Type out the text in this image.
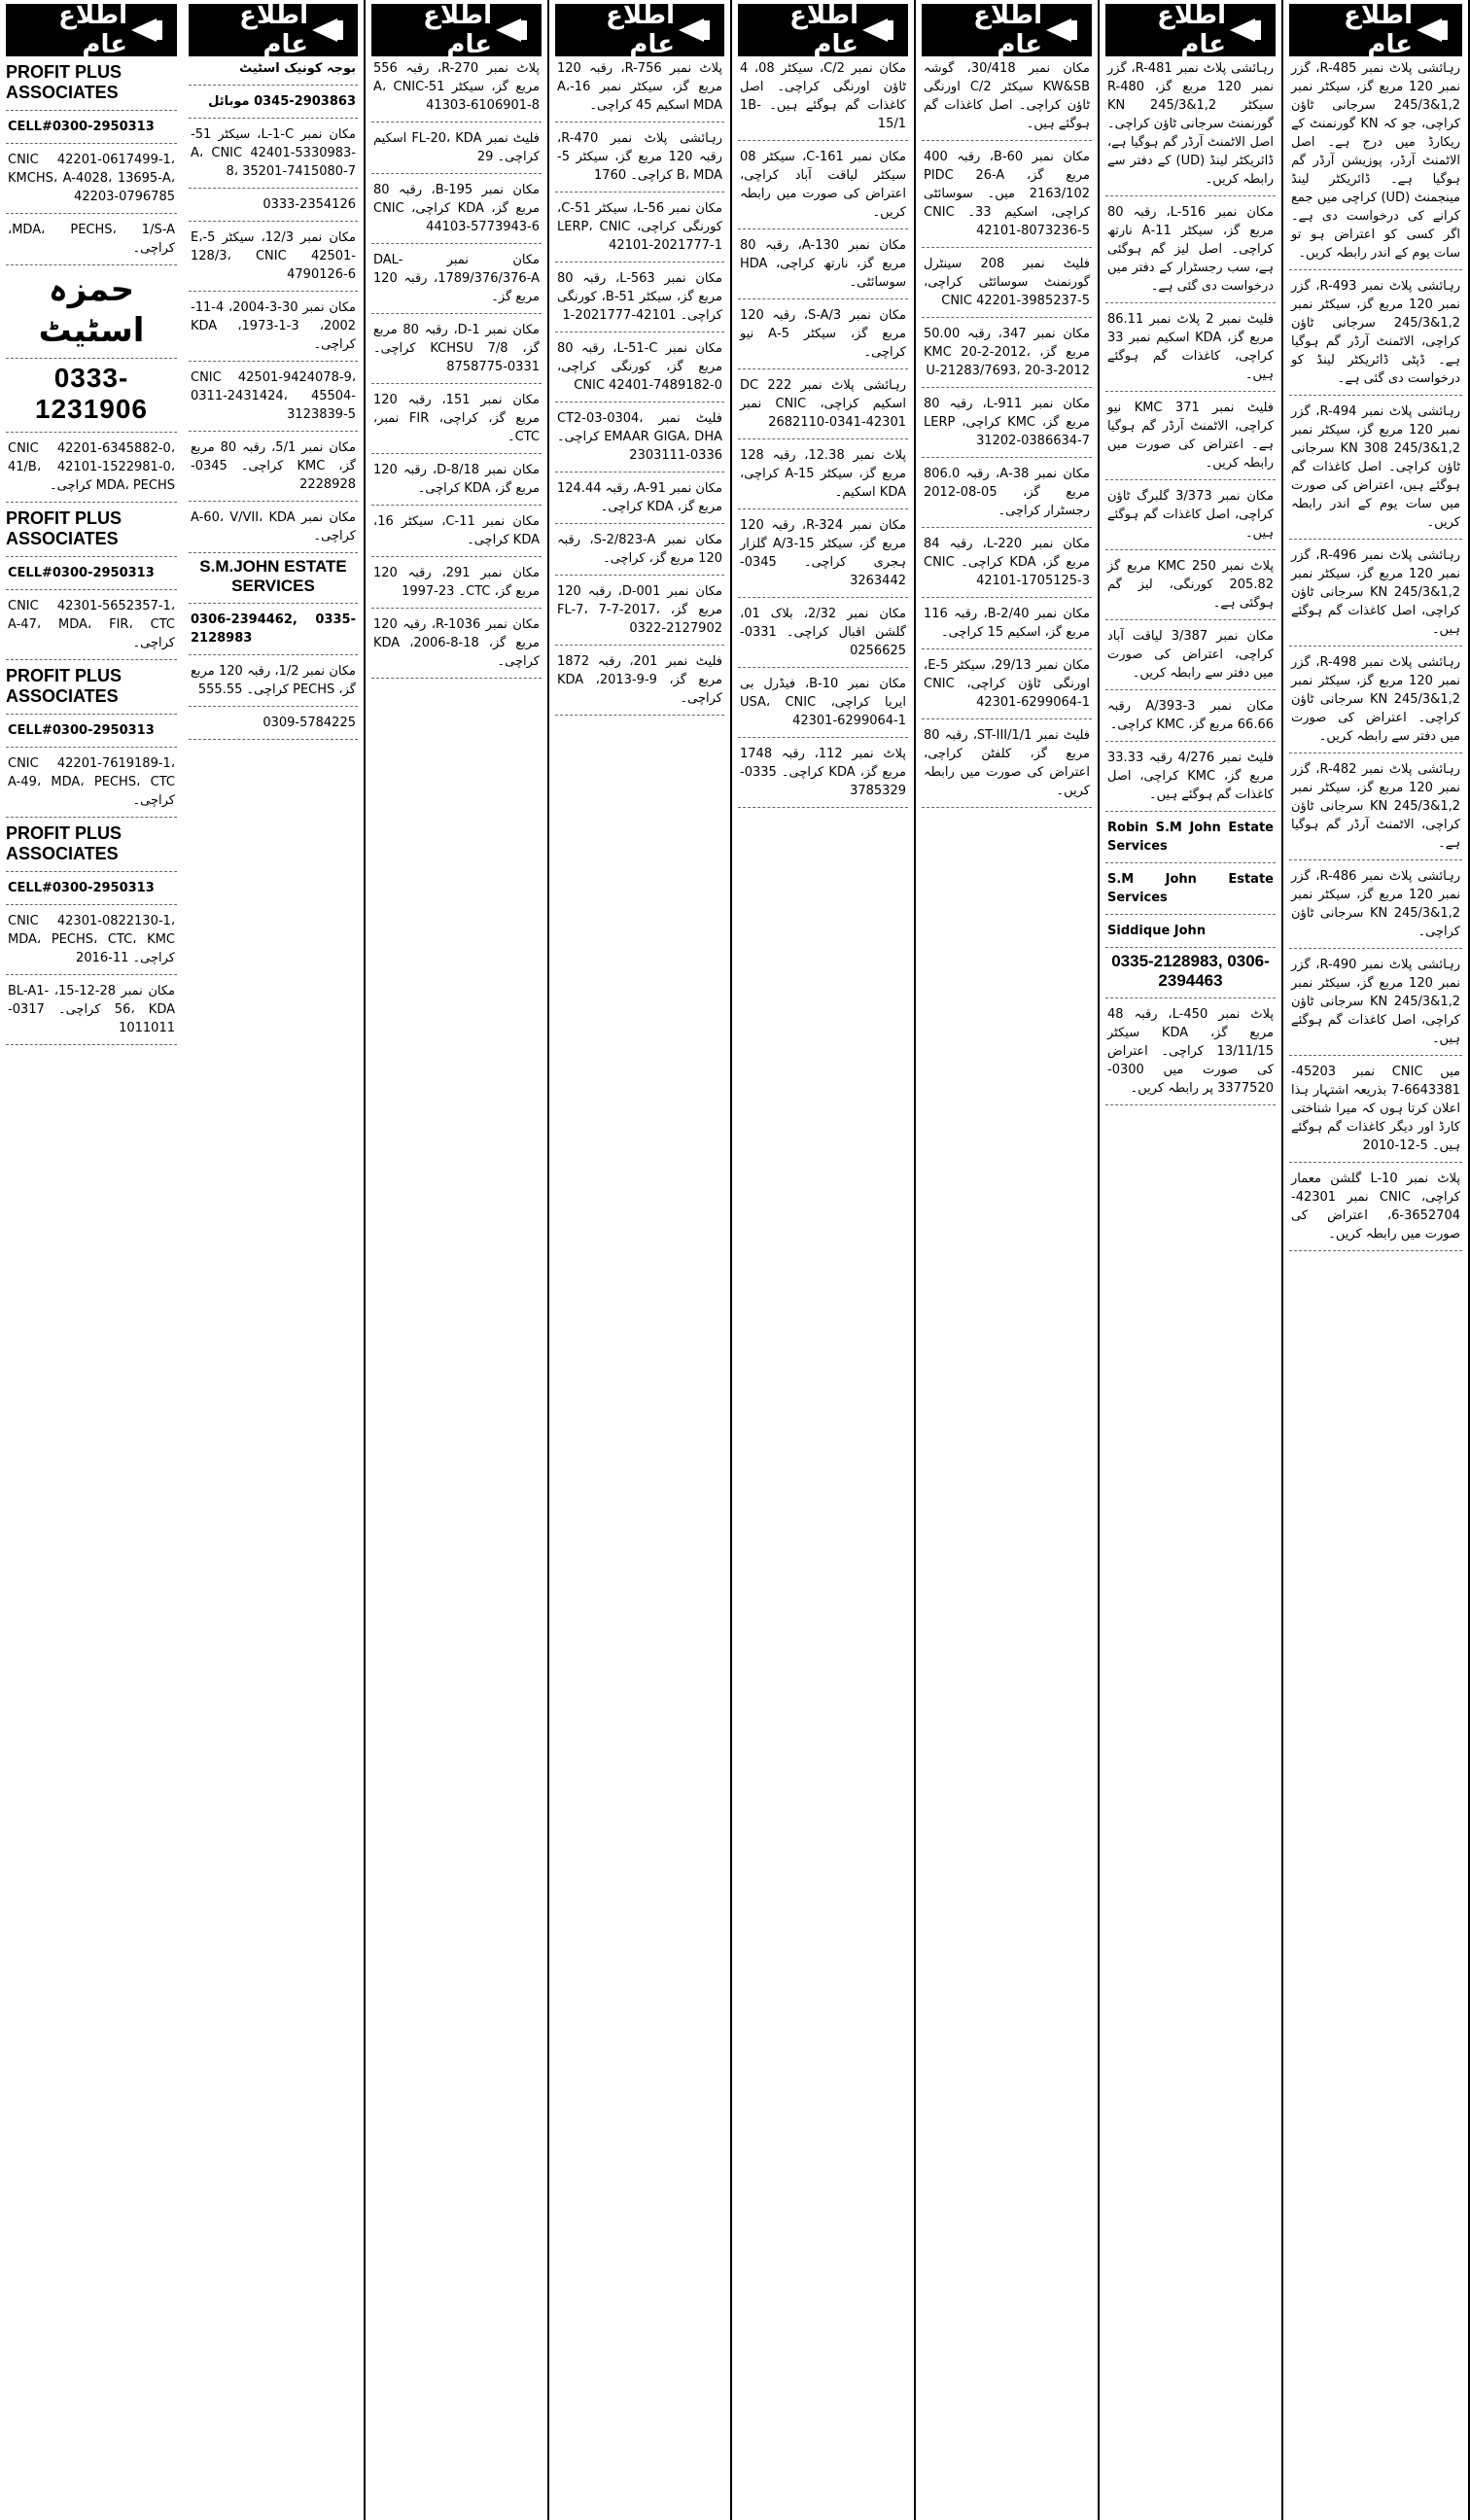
اطلاع عام
رہائشی پلاٹ نمبر R-485، گزر نمبر 120 مربع گز، سیکٹر نمبر 1,2&245/3 سرجانی ٹاؤن کراچی، جو کہ KN گورنمنٹ کے ریکارڈ میں درج ہے۔ اصل الاٹمنٹ آرڈر، پوزیشن آرڈر گم ہوگیا ہے۔ ڈائریکٹر لینڈ مینجمنٹ (UD) کراچی میں جمع کرانے کی درخواست دی ہے۔ اگر کسی کو اعتراض ہو تو سات یوم کے اندر رابطہ کریں۔
رہائشی پلاٹ نمبر R-493، گزر نمبر 120 مربع گز، سیکٹر نمبر 1,2&245/3 سرجانی ٹاؤن کراچی، الاٹمنٹ آرڈر گم ہوگیا ہے۔ ڈپٹی ڈائریکٹر لینڈ کو درخواست دی گئی ہے۔
رہائشی پلاٹ نمبر R-494، گزر نمبر 120 مربع گز، سیکٹر نمبر 1,2&245/3 308 KN سرجانی ٹاؤن کراچی۔ اصل کاغذات گم ہوگئے ہیں، اعتراض کی صورت میں سات یوم کے اندر رابطہ کریں۔
رہائشی پلاٹ نمبر R-496، گزر نمبر 120 مربع گز، سیکٹر نمبر 1,2&245/3 KN سرجانی ٹاؤن کراچی، اصل کاغذات گم ہوگئے ہیں۔
رہائشی پلاٹ نمبر R-498، گزر نمبر 120 مربع گز، سیکٹر نمبر 1,2&245/3 KN سرجانی ٹاؤن کراچی۔ اعتراض کی صورت میں دفتر سے رابطہ کریں۔
رہائشی پلاٹ نمبر R-482، گزر نمبر 120 مربع گز، سیکٹر نمبر 1,2&245/3 KN سرجانی ٹاؤن کراچی، الاٹمنٹ آرڈر گم ہوگیا ہے۔
رہائشی پلاٹ نمبر R-486، گزر نمبر 120 مربع گز، سیکٹر نمبر 1,2&245/3 KN سرجانی ٹاؤن کراچی۔
رہائشی پلاٹ نمبر R-490، گزر نمبر 120 مربع گز، سیکٹر نمبر 1,2&245/3 KN سرجانی ٹاؤن کراچی، اصل کاغذات گم ہوگئے ہیں۔
میں CNIC نمبر 45203-6643381-7 بذریعہ اشتہار ہذا اعلان کرتا ہوں کہ میرا شناختی کارڈ اور دیگر کاغذات گم ہوگئے ہیں۔ 5-12-2010
پلاٹ نمبر L-10 گلشن معمار کراچی، CNIC نمبر 42301-3652704-6، اعتراض کی صورت میں رابطہ کریں۔
اطلاع عام
رہائشی پلاٹ نمبر R-481، گزر نمبر 120 مربع گز، R-480 سیکٹر 1,2&245/3 KN گورنمنٹ سرجانی ٹاؤن کراچی۔ اصل الاٹمنٹ آرڈر گم ہوگیا ہے، ڈائریکٹر لینڈ (UD) کے دفتر سے رابطہ کریں۔
مکان نمبر L-516، رقبہ 80 مربع گز، سیکٹر 11-A نارتھ کراچی۔ اصل لیز گم ہوگئی ہے، سب رجسٹرار کے دفتر میں درخواست دی گئی ہے۔
فلیٹ نمبر 2 پلاٹ نمبر 86.11 مربع گز، KDA اسکیم نمبر 33 کراچی، کاغذات گم ہوگئے ہیں۔
فلیٹ نمبر KMC 371 نیو کراچی، الاٹمنٹ آرڈر گم ہوگیا ہے۔ اعتراض کی صورت میں رابطہ کریں۔
مکان نمبر 3/373 گلبرگ ٹاؤن کراچی، اصل کاغذات گم ہوگئے ہیں۔
پلاٹ نمبر KMC 250 مربع گز 205.82 کورنگی، لیز گم ہوگئی ہے۔
مکان نمبر 3/387 لیاقت آباد کراچی، اعتراض کی صورت میں دفتر سے رابطہ کریں۔
مکان نمبر A/393-3 رقبہ 66.66 مربع گز، KMC کراچی۔
فلیٹ نمبر 4/276 رقبہ 33.33 مربع گز، KMC کراچی، اصل کاغذات گم ہوگئے ہیں۔
Robin S.M John Estate Services
S.M John Estate Services
Siddique John
0335-2128983, 0306-2394463
پلاٹ نمبر L-450، رقبہ 48 مربع گز، KDA سیکٹر 13/11/15 کراچی۔ اعتراض کی صورت میں 0300-3377520 پر رابطہ کریں۔
اطلاع عام
مکان نمبر 30/418، گوشہ KW&SB سیکٹر C/2 اورنگی ٹاؤن کراچی۔ اصل کاغذات گم ہوگئے ہیں۔
مکان نمبر B-60، رقبہ 400 مربع گز، PIDC 26-A 2163/102 میں۔ سوسائٹی کراچی، اسکیم 33۔ CNIC 42101-8073236-5
فلیٹ نمبر 208 سینٹرل گورنمنٹ سوسائٹی کراچی، CNIC 42201-3985237-5
مکان نمبر 347، رقبہ 50.00 مربع گز، KMC 20-2-2012، U-21283/7693، 20-3-2012
مکان نمبر L-911، رقبہ 80 مربع گز، KMC کراچی، LERP 31202-0386634-7
مکان نمبر 38-A، رقبہ 806.0 مربع گز، 05-08-2012 رجسٹرار کراچی۔
مکان نمبر L-220، رقبہ 84 مربع گز، KDA کراچی۔ CNIC 42101-1705125-3
مکان نمبر 2/40-B، رقبہ 116 مربع گز، اسکیم 15 کراچی۔
مکان نمبر 29/13، سیکٹر 5-E، اورنگی ٹاؤن کراچی، CNIC 42301-6299064-1
فلیٹ نمبر ST-III/1/1، رقبہ 80 مربع گز، کلفٹن کراچی، اعتراض کی صورت میں رابطہ کریں۔
اطلاع عام
مکان نمبر C/2، سیکٹر 08، 4 ٹاؤن اورنگی کراچی۔ اصل کاغذات گم ہوگئے ہیں۔ 1B-15/1
مکان نمبر C-161، سیکٹر 08 سیکٹر لیاقت آباد کراچی، اعتراض کی صورت میں رابطہ کریں۔
مکان نمبر A-130، رقبہ 80 مربع گز، نارتھ کراچی، HDA سوسائٹی۔
مکان نمبر S-A/3، رقبہ 120 مربع گز، سیکٹر 5-A نیو کراچی۔
رہائشی پلاٹ نمبر DC 222 اسکیم کراچی، CNIC نمبر 42301-0341-2682110
پلاٹ نمبر 12.38، رقبہ 128 مربع گز، سیکٹر 15-A کراچی، KDA اسکیم۔
مکان نمبر R-324، رقبہ 120 مربع گز، سیکٹر 15-A/3 گلزار ہجری کراچی۔ 0345-3263442
مکان نمبر 2/32، بلاک 01، گلشن اقبال کراچی۔ 0331-0256625
مکان نمبر B-10، فیڈرل بی ایریا کراچی، USA، CNIC 42301-6299064-1
پلاٹ نمبر 112، رقبہ 1748 مربع گز، KDA کراچی۔ 0335-3785329
اطلاع عام
پلاٹ نمبر R-756، رقبہ 120 مربع گز، سیکٹر نمبر 16-A، MDA اسکیم 45 کراچی۔
رہائشی پلاٹ نمبر R-470، رقبہ 120 مربع گز، سیکٹر 5-B، MDA کراچی۔ 1760
مکان نمبر L-56، سیکٹر 51-C، کورنگی کراچی، LERP، CNIC 42101-2021777-1
مکان نمبر L-563، رقبہ 80 مربع گز، سیکٹر 51-B، کورنگی کراچی۔ 42101-2021777-1
مکان نمبر L-51-C، رقبہ 80 مربع گز، کورنگی کراچی، CNIC 42401-7489182-0
فلیٹ نمبر CT2-03-0304، EMAAR GIGA، DHA کراچی۔ 0336-2303111
مکان نمبر A-91، رقبہ 124.44 مربع گز، KDA کراچی۔
مکان نمبر S-2/823-A، رقبہ 120 مربع گز، کراچی۔
مکان نمبر D-001، رقبہ 120 مربع گز، FL-7، 7-7-2017، 0322-2127902
فلیٹ نمبر 201، رقبہ 1872 مربع گز، 9-9-2013، KDA کراچی۔
اطلاع عام
پلاٹ نمبر R-270، رقبہ 556 مربع گز، سیکٹر 51-A، CNIC 41303-6106901-8
فلیٹ نمبر FL-20، KDA اسکیم کراچی۔ 29
مکان نمبر B-195، رقبہ 80 مربع گز، KDA کراچی، CNIC 44103-5773943-6
مکان نمبر DAL-1789/376/376-A، رقبہ 120 مربع گز۔
مکان نمبر D-1، رقبہ 80 مربع گز، KCHSU 7/8 کراچی۔ 0331-8758775
مکان نمبر 151، رقبہ 120 مربع گز، کراچی، FIR نمبر، CTC۔
مکان نمبر D-8/18، رقبہ 120 مربع گز، KDA کراچی۔
مکان نمبر C-11، سیکٹر 16، KDA کراچی۔
مکان نمبر 291، رقبہ 120 مربع گز، CTC۔ 23-1997
مکان نمبر R-1036، رقبہ 120 مربع گز، 18-8-2006، KDA کراچی۔
اطلاع عام
بوجہ کونیک اسٹیٹ
0345-2903863 موبائل
مکان نمبر L-1-C، سیکٹر 51-A، CNIC 42401-5330983-8، 35201-7415080-7
0333-2354126
مکان نمبر 12/3، سیکٹر 5-E، 128/3، CNIC 42501-4790126-6
مکان نمبر 30-3-2004، 4-11-2002، 3-1-1973، KDA کراچی۔
CNIC 42501-9424078-9، 0311-2431424، 45504-3123839-5
مکان نمبر 5/1، رقبہ 80 مربع گز، KMC کراچی۔ 0345-2228928
مکان نمبر A-60، V/VII، KDA کراچی۔
S.M.JOHN ESTATE SERVICES
0306-2394462, 0335-2128983
مکان نمبر 1/2، رقبہ 120 مربع گز، PECHS کراچی۔ 555.55
0309-5784225
اطلاع عام
PROFIT PLUS ASSOCIATES
CELL#0300-2950313
CNIC 42201-0617499-1، KMCHS، A-4028، 13695-A، 42203-0796785
MDA، PECHS، 1/S-A، کراچی۔
حمزہ اسٹیٹ
0333-1231906
CNIC 42201-6345882-0، 41/B، 42101-1522981-0، MDA، PECHS کراچی۔
PROFIT PLUS ASSOCIATES
CELL#0300-2950313
CNIC 42301-5652357-1، A-47، MDA، FIR، CTC کراچی۔
PROFIT PLUS ASSOCIATES
CELL#0300-2950313
CNIC 42201-7619189-1، A-49، MDA، PECHS، CTC کراچی۔
PROFIT PLUS ASSOCIATES
CELL#0300-2950313
CNIC 42301-0822130-1، MDA، PECHS، CTC، KMC کراچی۔ 11-2016
مکان نمبر 28-12-15، BL-A1-56، KDA کراچی۔ 0317-1011011
